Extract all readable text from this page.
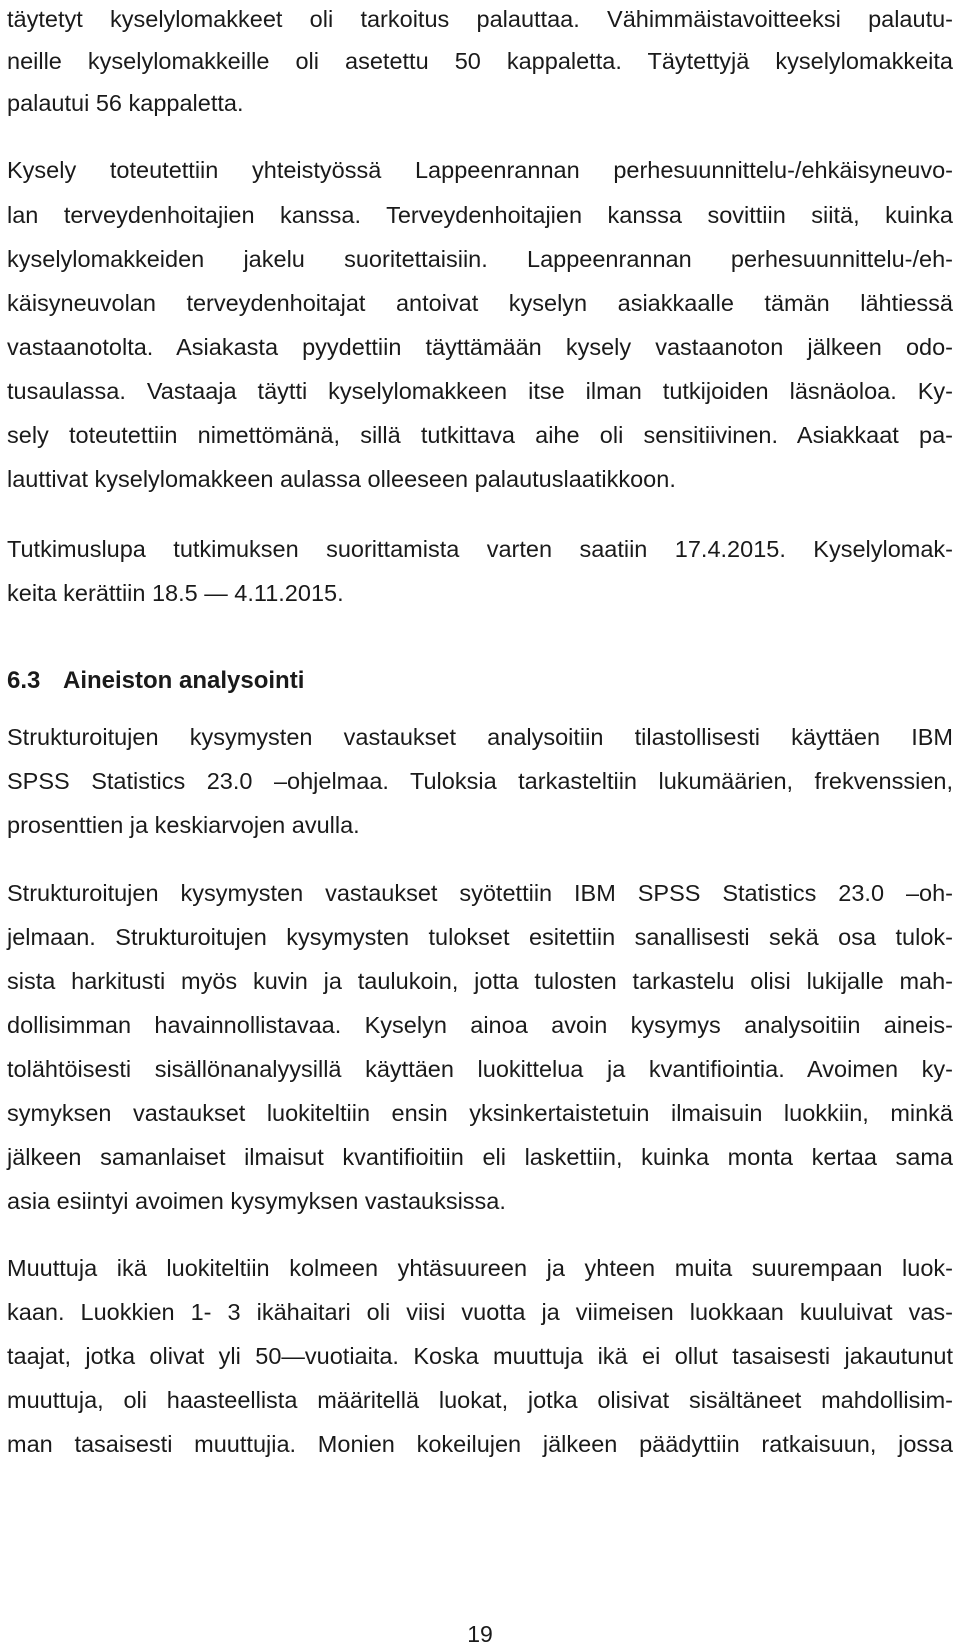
täytetyt kyselylomakkeet oli tarkoitus palauttaa. Vähimmäistavoitteeksi palautu-
neille kyselylomakkeille oli asetettu 50 kappaletta. Täytettyjä kyselylomakkeita
palautui 56 kappaletta.
Kysely toteutettiin yhteistyössä Lappeenrannan perhesuunnittelu-/ehkäisyneuvo-
lan terveydenhoitajien kanssa. Terveydenhoitajien kanssa sovittiin siitä, kuinka
kyselylomakkeiden jakelu suoritettaisiin. Lappeenrannan perhesuunnittelu-/eh-
käisyneuvolan terveydenhoitajat antoivat kyselyn asiakkaalle tämän lähtiessä
vastaanotolta. Asiakasta pyydettiin täyttämään kysely vastaanoton jälkeen odo-
tusaulassa. Vastaaja täytti kyselylomakkeen itse ilman tutkijoiden läsnäoloa. Ky-
sely toteutettiin nimettömänä, sillä tutkittava aihe oli sensitiivinen. Asiakkaat pa-
lauttivat kyselylomakkeen aulassa olleeseen palautuslaatikkoon.
Tutkimuslupa tutkimuksen suorittamista varten saatiin 17.4.2015. Kyselylomak-
keita kerättiin 18.5 — 4.11.2015.
6.3 Aineiston analysointi
Strukturoitujen kysymysten vastaukset analysoitiin tilastollisesti käyttäen IBM
SPSS Statistics 23.0 –ohjelmaa. Tuloksia tarkasteltiin lukumäärien, frekvenssien,
prosenttien ja keskiarvojen avulla.
Strukturoitujen kysymysten vastaukset syötettiin IBM SPSS Statistics 23.0 –oh-
jelmaan. Strukturoitujen kysymysten tulokset esitettiin sanallisesti sekä osa tulok-
sista harkitusti myös kuvin ja taulukoin, jotta tulosten tarkastelu olisi lukijalle mah-
dollisimman havainnollistavaa. Kyselyn ainoa avoin kysymys analysoitiin aineis-
tolähtöisesti sisällönanalyysillä käyttäen luokittelua ja kvantifiointia. Avoimen ky-
symyksen vastaukset luokiteltiin ensin yksinkertaistetuin ilmaisuin luokkiin, minkä
jälkeen samanlaiset ilmaisut kvantifioitiin eli laskettiin, kuinka monta kertaa sama
asia esiintyi avoimen kysymyksen vastauksissa.
Muuttuja ikä luokiteltiin kolmeen yhtäsuureen ja yhteen muita suurempaan luok-
kaan. Luokkien 1- 3 ikähaitari oli viisi vuotta ja viimeisen luokkaan kuuluivat vas-
taajat, jotka olivat yli 50—vuotiaita. Koska muuttuja ikä ei ollut tasaisesti jakautunut
muuttuja, oli haasteellista määritellä luokat, jotka olisivat sisältäneet mahdollisim-
man tasaisesti muuttujia. Monien kokeilujen jälkeen päädyttiin ratkaisuun, jossa
19
